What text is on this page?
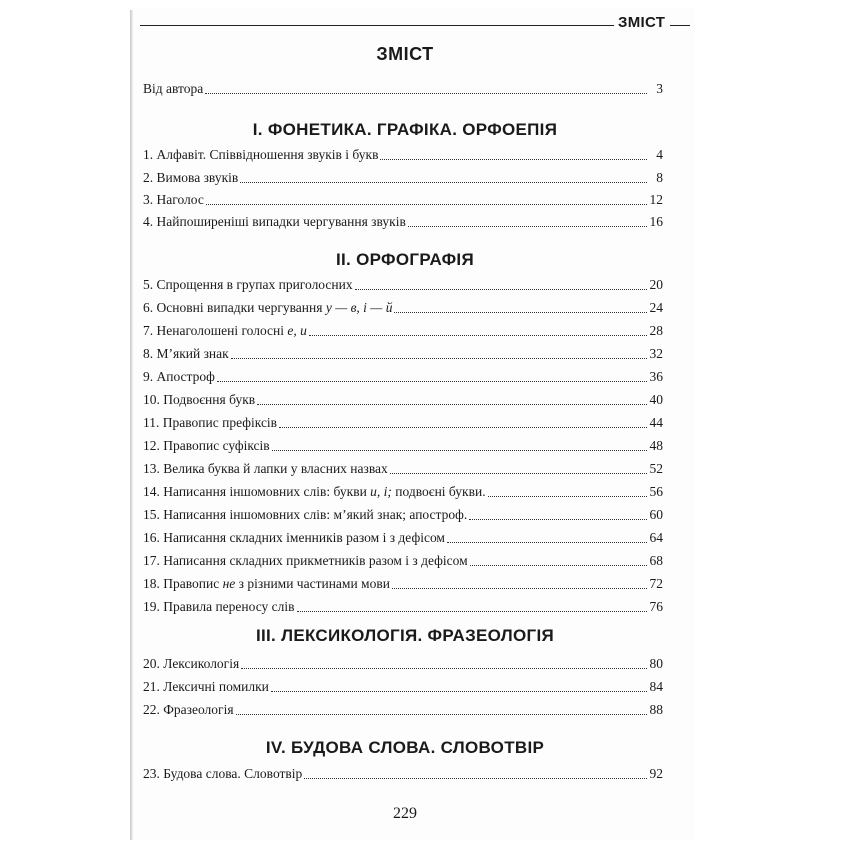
ЗМІСТ
ЗМІСТ
Від автора	3
І. ФОНЕТИКА. ГРАФІКА. ОРФОЕПІЯ
1. Алфавіт. Співвідношення звуків і букв	4
2. Вимова звуків	8
3. Наголос	12
4. Найпоширеніші випадки чергування звуків	16
ІІ. ОРФОГРАФІЯ
5. Спрощення в групах приголосних	20
6. Основні випадки чергування у — в, і — й	24
7. Ненаголошені голосні е, и	28
8. М’який знак	32
9. Апостроф	36
10. Подвоєння букв	40
11. Правопис префіксів	44
12. Правопис суфіксів	48
13. Велика буква й лапки у власних назвах	52
14. Написання іншомовних слів: букви и, і; подвоєні букви.	56
15. Написання іншомовних слів: м’який знак; апостроф.	60
16. Написання складних іменників разом і з дефісом	64
17. Написання складних прикметників разом і з дефісом	68
18. Правопис не з різними частинами мови	72
19. Правила переносу слів	76
ІІІ. ЛЕКСИКОЛОГІЯ. ФРАЗЕОЛОГІЯ
20. Лексикологія	80
21. Лексичні помилки	84
22. Фразеологія	88
ІV. БУДОВА СЛОВА. СЛОВОТВІР
23. Будова слова. Словотвір	92
229
